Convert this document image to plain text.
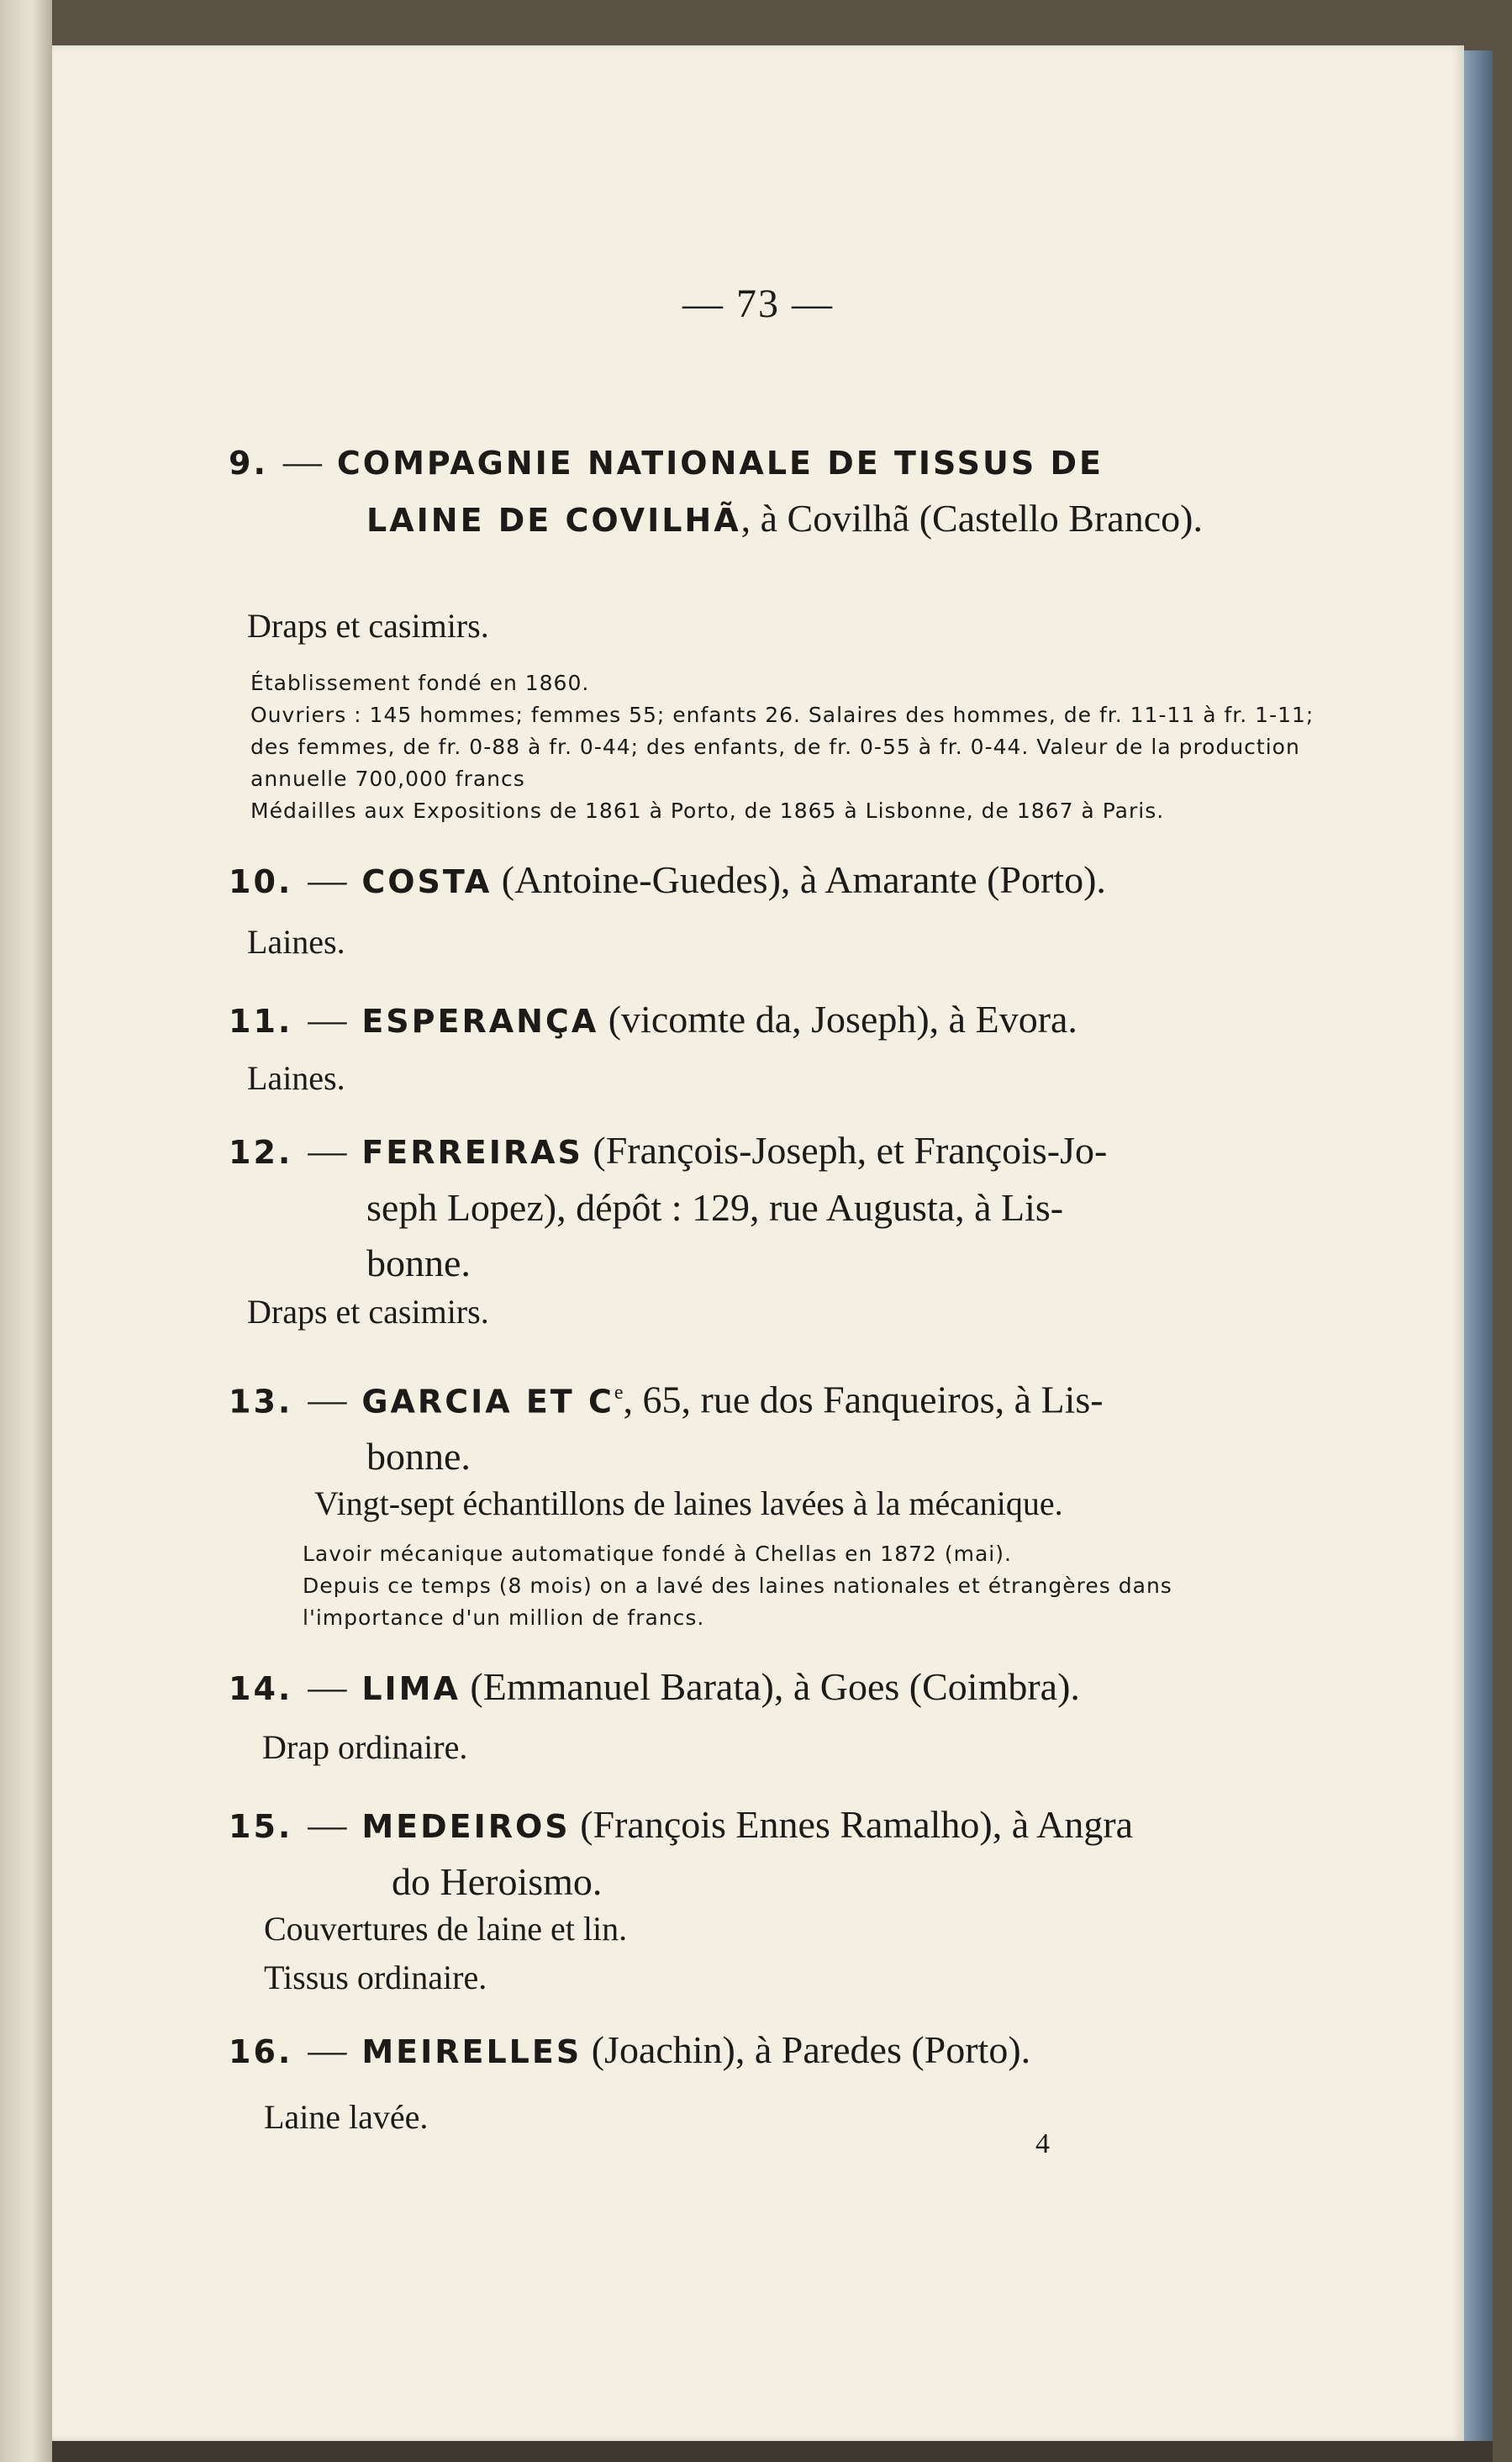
— 73 —
9. — COMPAGNIE NATIONALE DE TISSUS DE
LAINE DE COVILHÃ, à Covilhã (Castello Branco).
Draps et casimirs.
Établissement fondé en 1860.
Ouvriers : 145 hommes; femmes 55; enfants 26. Salaires des hommes, de fr. 11-11 à fr. 1-11; des femmes, de fr. 0-88 à fr. 0-44; des enfants, de fr. 0-55 à fr. 0-44. Valeur de la production annuelle 700,000 francs
Médailles aux Expositions de 1861 à Porto, de 1865 à Lisbonne, de 1867 à Paris.
10. — COSTA (Antoine-Guedes), à Amarante (Porto).
Laines.
11. — ESPERANÇA (vicomte da, Joseph), à Evora.
Laines.
12. — FERREIRAS (François-Joseph, et François-Jo-
seph Lopez), dépôt : 129, rue Augusta, à Lis-
bonne.
Draps et casimirs.
13. — GARCIA ET Ce, 65, rue dos Fanqueiros, à Lis-
bonne.
Vingt-sept échantillons de laines lavées à la mécanique.
Lavoir mécanique automatique fondé à Chellas en 1872 (mai).
Depuis ce temps (8 mois) on a lavé des laines nationales et étrangères dans l'importance d'un million de francs.
14. — LIMA (Emmanuel Barata), à Goes (Coimbra).
Drap ordinaire.
15. — MEDEIROS (François Ennes Ramalho), à Angra
do Heroismo.
Couvertures de laine et lin.
Tissus ordinaire.
16. — MEIRELLES (Joachin), à Paredes (Porto).
Laine lavée.
4
